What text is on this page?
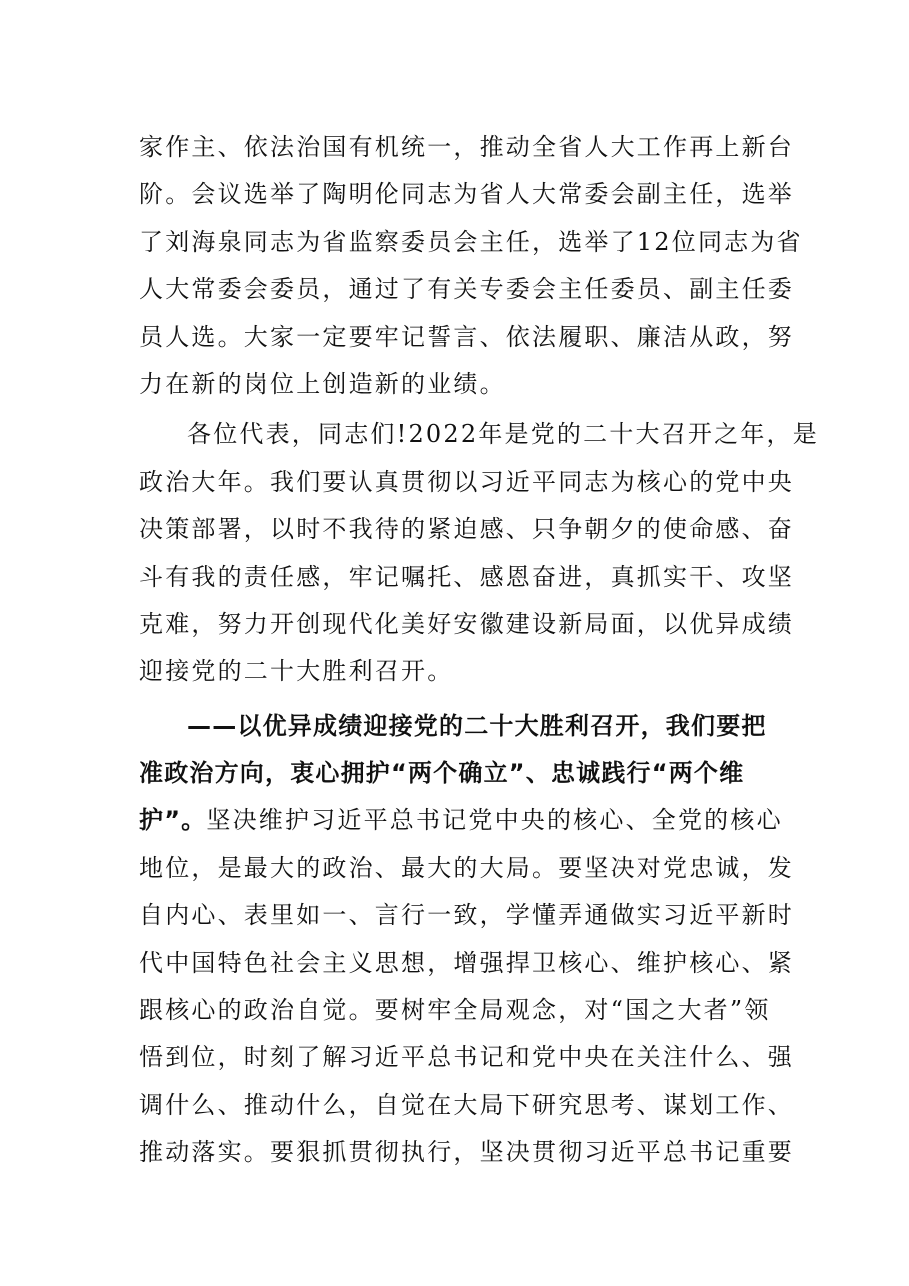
家作主、依法治国有机统一，推动全省人大工作再上新台
阶。会议选举了陶明伦同志为省人大常委会副主任，选举
了刘海泉同志为省监察委员会主任，选举了12位同志为省
人大常委会委员，通过了有关专委会主任委员、副主任委
员人选。大家一定要牢记誓言、依法履职、廉洁从政，努
力在新的岗位上创造新的业绩。
各位代表，同志们!2022年是党的二十大召开之年，是
政治大年。我们要认真贯彻以习近平同志为核心的党中央
决策部署，以时不我待的紧迫感、只争朝夕的使命感、奋
斗有我的责任感，牢记嘱托、感恩奋进，真抓实干、攻坚
克难，努力开创现代化美好安徽建设新局面，以优异成绩
迎接党的二十大胜利召开。
——以优异成绩迎接党的二十大胜利召开，我们要把
准政治方向，衷心拥护“两个确立”、忠诚践行“两个维
护”。坚决维护习近平总书记党中央的核心、全党的核心
地位，是最大的政治、最大的大局。要坚决对党忠诚，发
自内心、表里如一、言行一致，学懂弄通做实习近平新时
代中国特色社会主义思想，增强捍卫核心、维护核心、紧
跟核心的政治自觉。要树牢全局观念，对“国之大者”领
悟到位，时刻了解习近平总书记和党中央在关注什么、强
调什么、推动什么，自觉在大局下研究思考、谋划工作、
推动落实。要狠抓贯彻执行，坚决贯彻习近平总书记重要
